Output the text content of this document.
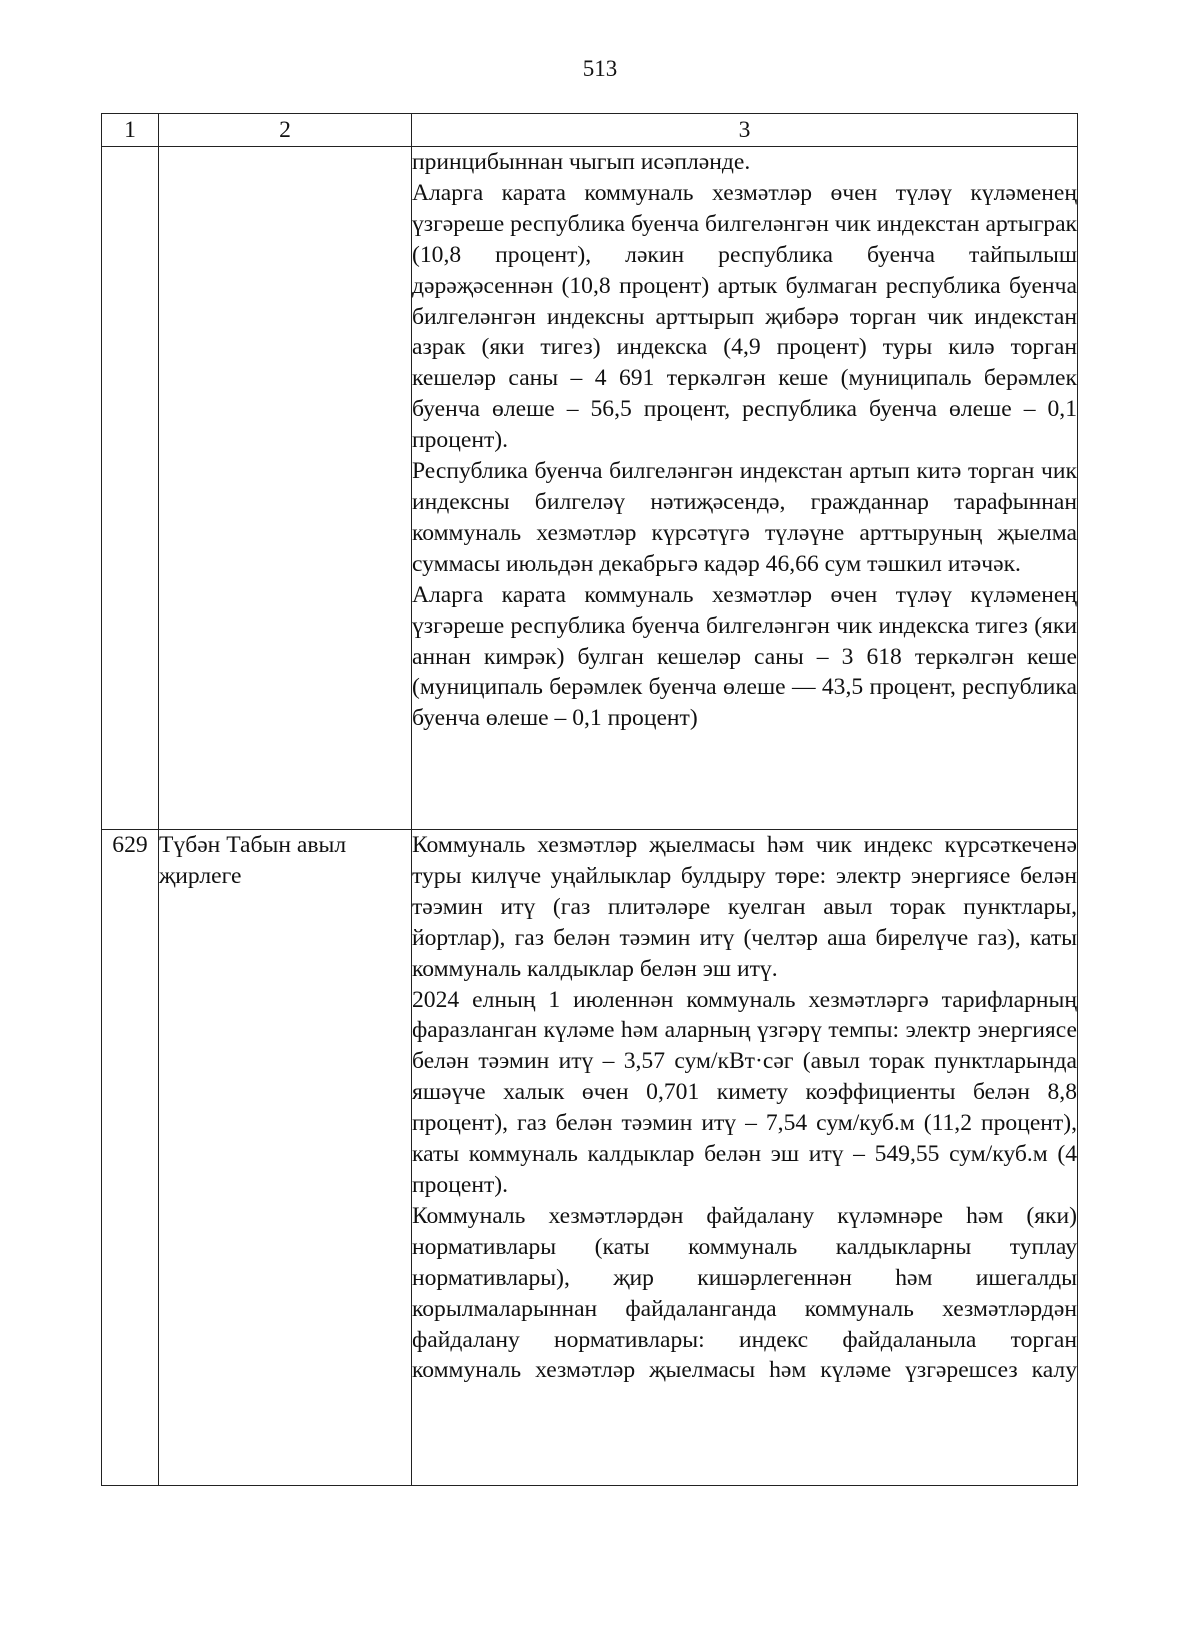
513
1	2	3

		принцибыннан чыгып исәпләнде.

Аларга карата коммуналь хезмәтләр өчен түләү күләменең үзгәреше республика буенча билгеләнгән чик индекстан артыграк (10,8 процент), ләкин республика буенча тайпылыш дәрәҗәсеннән (10,8 процент) артык булмаган республика буенча билгеләнгән индексны арттырып җибәрә торган чик индекстан азрак (яки тигез) индекска (4,9 процент) туры килә торган кешеләр саны – 4 691 теркәлгән кеше (муниципаль берәмлек буенча өлеше – 56,5 процент, республика буенча өлеше – 0,1 процент).

Республика буенча билгеләнгән индекстан артып китә торган чик индексны билгеләү нәтиҗәсендә, гражданнар тарафыннан коммуналь хезмәтләр күрсәтүгә түләүне арттыруның җыелма суммасы июльдән декабрьгә кадәр 46,66 сум тәшкил итәчәк.

Аларга карата коммуналь хезмәтләр өчен түләү күләменең үзгәреше республика буенча билгеләнгән чик индекска тигез (яки аннан кимрәк) булган кешеләр саны – 3 618 теркәлгән кеше (муниципаль берәмлек буенча өлеше — 43,5 процент, республика буенча өлеше – 0,1 процент)

629	Түбән Табын авыл җирлеге	Коммуналь хезмәтләр җыелмасы һәм чик индекс күрсәткеченә туры килүче уңайлыклар булдыру төре: электр энергиясе белән тәэмин итү (газ плитәләре куелган авыл торак пунктлары, йортлар), газ белән тәэмин итү (челтәр аша бирелүче газ), каты коммуналь калдыклар белән эш итү.

2024 елның 1 июленнән коммуналь хезмәтләргә тарифларның фаразланган күләме һәм аларның үзгәрү темпы: электр энергиясе белән тәэмин итү – 3,57 сум/кВт·сәг (авыл торак пунктларында яшәүче халык өчен 0,701 кимету коэффициенты белән 8,8 процент), газ белән тәэмин итү – 7,54 сум/куб.м (11,2 процент), каты коммуналь калдыклар белән эш итү – 549,55 сум/куб.м (4 процент).

Коммуналь хезмәтләрдән файдалану күләмнәре һәм (яки) нормативлары (каты коммуналь калдыкларны туплау нормативлары), җир кишәрлегеннән һәм ишегалды корылмаларыннан файдаланганда коммуналь хезмәтләрдән файдалану нормативлары: индекс файдаланыла торган коммуналь хезмәтләр җыелмасы һәм күләме үзгәрешсез калу
